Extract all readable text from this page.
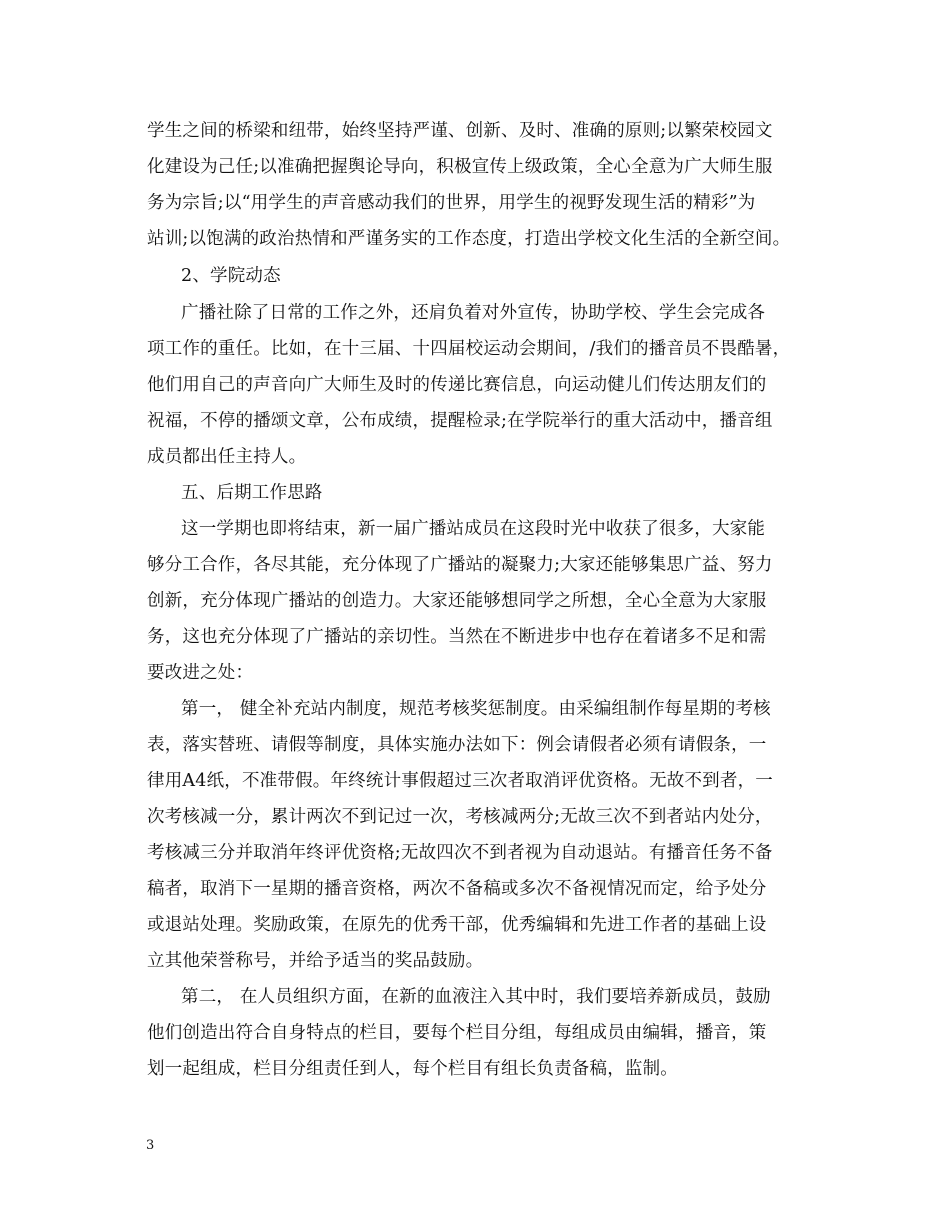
学生之间的桥梁和纽带，始终坚持严谨、创新、及时、准确的原则;以繁荣校园文
化建设为己任;以准确把握舆论导向，积极宣传上级政策，全心全意为广大师生服
务为宗旨;以“用学生的声音感动我们的世界，用学生的视野发现生活的精彩”为
站训;以饱满的政治热情和严谨务实的工作态度，打造出学校文化生活的全新空间。
2、学院动态
广播社除了日常的工作之外，还肩负着对外宣传，协助学校、学生会完成各
项工作的重任。比如，在十三届、十四届校运动会期间，/我们的播音员不畏酷暑，
他们用自己的声音向广大师生及时的传递比赛信息，向运动健儿们传达朋友们的
祝福，不停的播颂文章，公布成绩，提醒检录;在学院举行的重大活动中，播音组
成员都出任主持人。
五、后期工作思路
这一学期也即将结束，新一届广播站成员在这段时光中收获了很多，大家能
够分工合作，各尽其能，充分体现了广播站的凝聚力;大家还能够集思广益、努力
创新，充分体现广播站的创造力。大家还能够想同学之所想，全心全意为大家服
务，这也充分体现了广播站的亲切性。当然在不断进步中也存在着诸多不足和需
要改进之处：
第一， 健全补充站内制度，规范考核奖惩制度。由采编组制作每星期的考核
表，落实替班、请假等制度，具体实施办法如下：例会请假者必须有请假条，一
律用A4纸，不准带假。年终统计事假超过三次者取消评优资格。无故不到者，一
次考核减一分，累计两次不到记过一次，考核减两分;无故三次不到者站内处分，
考核减三分并取消年终评优资格;无故四次不到者视为自动退站。有播音任务不备
稿者，取消下一星期的播音资格，两次不备稿或多次不备视情况而定，给予处分
或退站处理。奖励政策，在原先的优秀干部，优秀编辑和先进工作者的基础上设
立其他荣誉称号，并给予适当的奖品鼓励。
第二， 在人员组织方面，在新的血液注入其中时，我们要培养新成员，鼓励
他们创造出符合自身特点的栏目，要每个栏目分组，每组成员由编辑，播音，策
划一起组成，栏目分组责任到人，每个栏目有组长负责备稿，监制。
3
